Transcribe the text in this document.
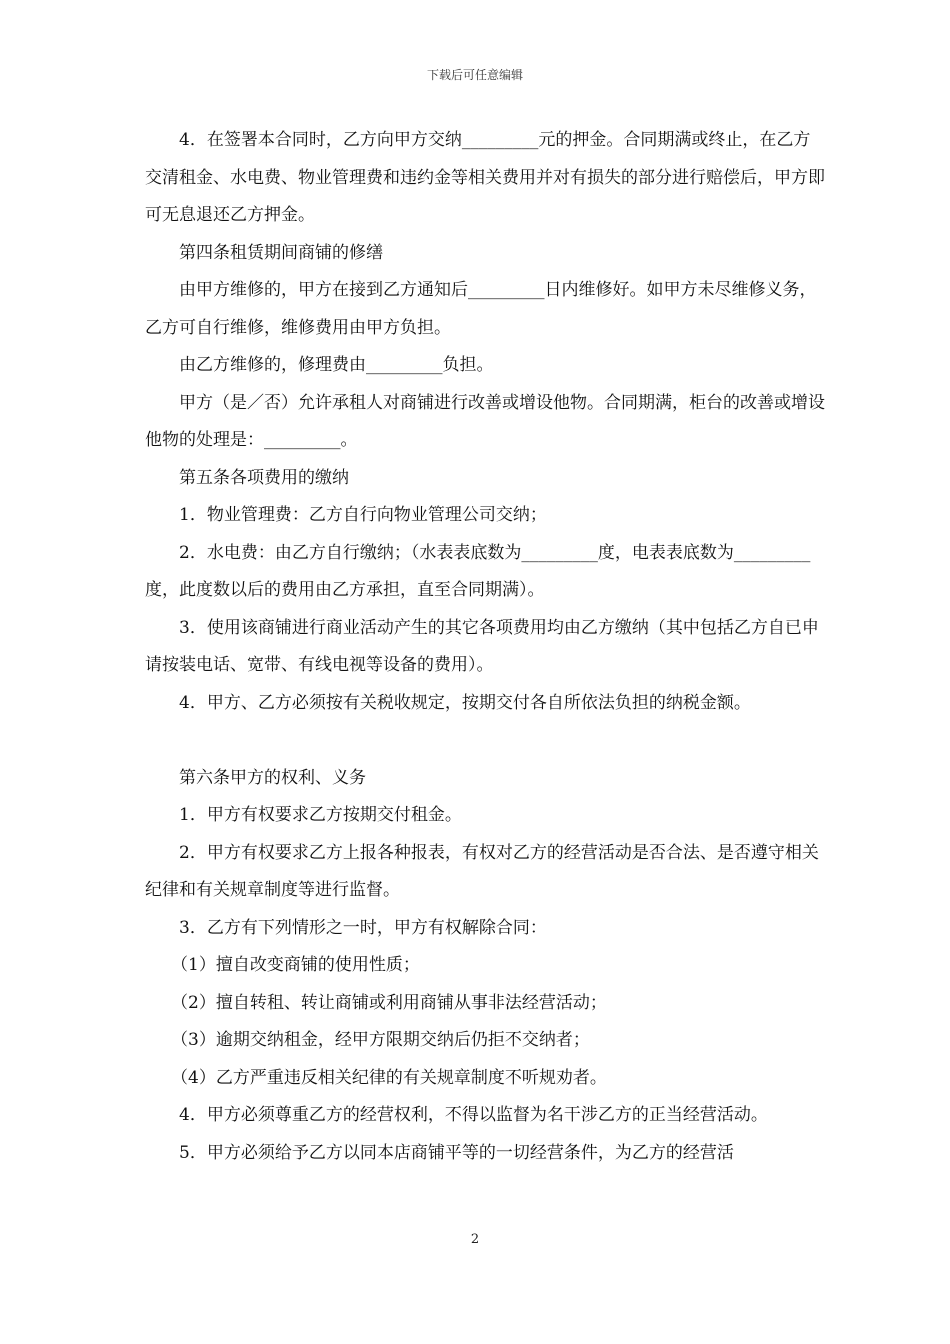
下载后可任意编辑

4．在签署本合同时，乙方向甲方交纳_________元的押金。合同期满或终止，在乙方交清租金、水电费、物业管理费和违约金等相关费用并对有损失的部分进行赔偿后，甲方即可无息退还乙方押金。

第四条租赁期间商铺的修缮

由甲方维修的，甲方在接到乙方通知后_________日内维修好。如甲方未尽维修义务，乙方可自行维修，维修费用由甲方负担。

由乙方维修的，修理费由_________负担。

甲方（是／否）允许承租人对商铺进行改善或增设他物。合同期满，柜台的改善或增设他物的处理是：_________。

第五条各项费用的缴纳

1．物业管理费：乙方自行向物业管理公司交纳；

2．水电费：由乙方自行缴纳；（水表表底数为_________度，电表表底数为_________度，此度数以后的费用由乙方承担，直至合同期满）。

3．使用该商铺进行商业活动产生的其它各项费用均由乙方缴纳（其中包括乙方自已申请按装电话、宽带、有线电视等设备的费用）。

4．甲方、乙方必须按有关税收规定，按期交付各自所依法负担的纳税金额。

第六条甲方的权利、义务

1．甲方有权要求乙方按期交付租金。

2．甲方有权要求乙方上报各种报表，有权对乙方的经营活动是否合法、是否遵守相关纪律和有关规章制度等进行监督。

3．乙方有下列情形之一时，甲方有权解除合同：

（1）擅自改变商铺的使用性质；

（2）擅自转租、转让商铺或利用商铺从事非法经营活动；

（3）逾期交纳租金，经甲方限期交纳后仍拒不交纳者；

（4）乙方严重违反相关纪律的有关规章制度不听规劝者。

4．甲方必须尊重乙方的经营权利，不得以监督为名干涉乙方的正当经营活动。

5．甲方必须给予乙方以同本店商铺平等的一切经营条件，为乙方的经营活

2
